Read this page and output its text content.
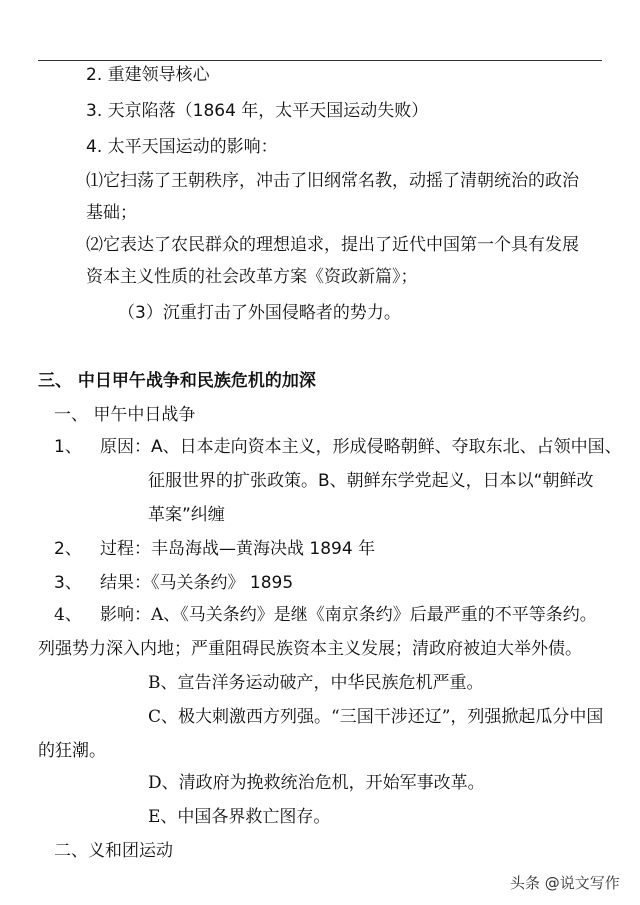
2. 重建领导核心
3. 天京陷落（1864 年，太平天国运动失败）
4. 太平天国运动的影响：
⑴它扫荡了王朝秩序，冲击了旧纲常名教，动摇了清朝统治的政治
基础；
⑵它表达了农民群众的理想追求，提出了近代中国第一个具有发展
资本主义性质的社会改革方案《资政新篇》；
（3）沉重打击了外国侵略者的势力。
三、 中日甲午战争和民族危机的加深
一、 甲午中日战争
1、 原因：A、日本走向资本主义，形成侵略朝鲜、夺取东北、占领中国、
征服世界的扩张政策。B、朝鲜东学党起义，日本以“朝鲜改
革案”纠缠
2、 过程：丰岛海战—黄海决战 1894 年
3、 结果：《马关条约》 1895
4、 影响：A、《马关条约》是继《南京条约》后最严重的不平等条约。
列强势力深入内地；严重阻碍民族资本主义发展；清政府被迫大举外债。
B、宣告洋务运动破产，中华民族危机严重。
C、极大刺激西方列强。“三国干涉还辽”，列强掀起瓜分中国
的狂潮。
D、清政府为挽救统治危机，开始军事改革。
E、中国各界救亡图存。
二、义和团运动
头条 @说文写作
